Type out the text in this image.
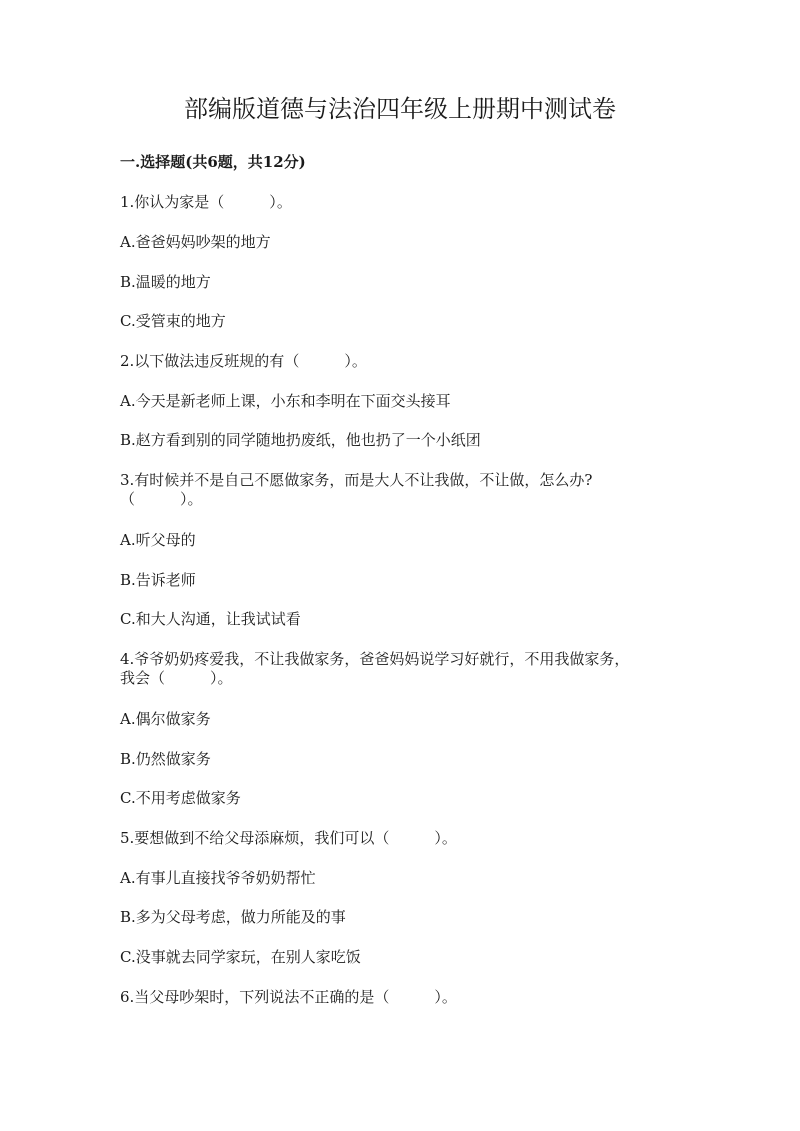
部编版道德与法治四年级上册期中测试卷
一.选择题(共6题，共12分)
1.你认为家是（　　　）。
A.爸爸妈妈吵架的地方
B.温暖的地方
C.受管束的地方
2.以下做法违反班规的有（　　　）。
A.今天是新老师上课，小东和李明在下面交头接耳
B.赵方看到别的同学随地扔废纸，他也扔了一个小纸团
3.有时候并不是自己不愿做家务，而是大人不让我做，不让做，怎么办?
（　　　）。
A.听父母的
B.告诉老师
C.和大人沟通，让我试试看
4.爷爷奶奶疼爱我，不让我做家务，爸爸妈妈说学习好就行，不用我做家务，
我会（　　　）。
A.偶尔做家务
B.仍然做家务
C.不用考虑做家务
5.要想做到不给父母添麻烦，我们可以（　　　）。
A.有事儿直接找爷爷奶奶帮忙
B.多为父母考虑，做力所能及的事
C.没事就去同学家玩，在别人家吃饭
6.当父母吵架时，下列说法不正确的是（　　　）。
